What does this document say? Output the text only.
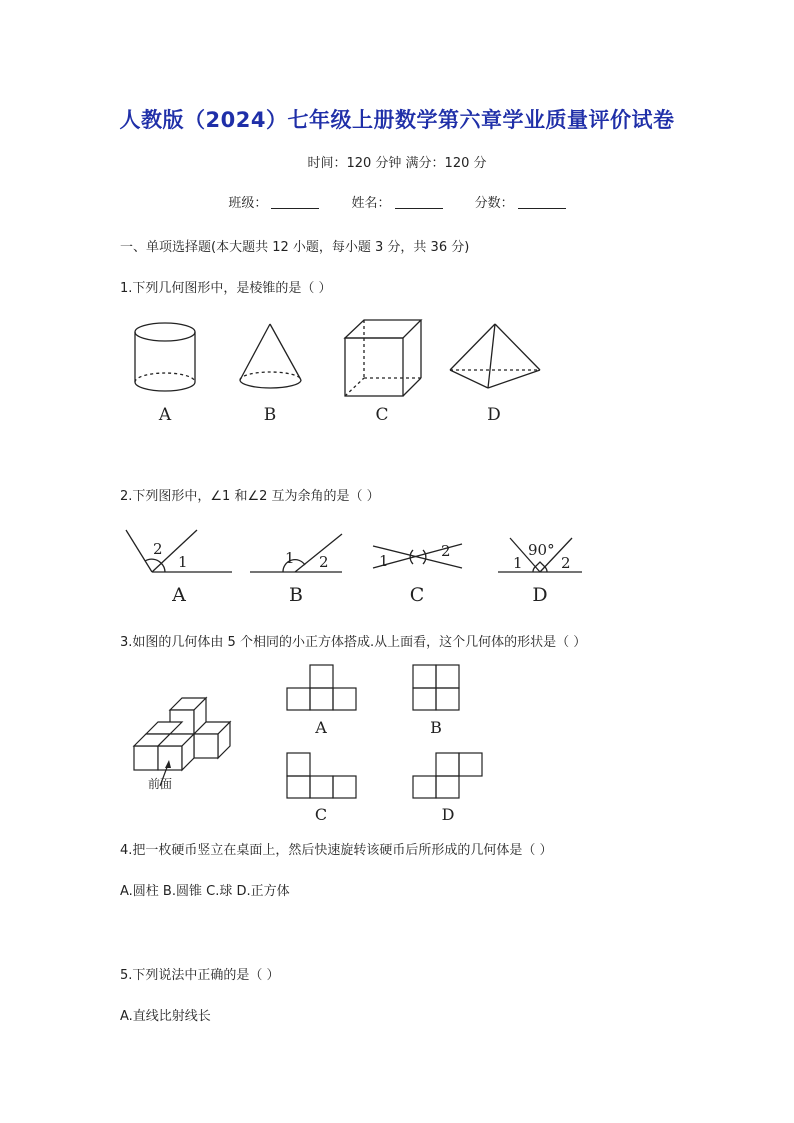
人教版（2024）七年级上册数学第六章学业质量评价试卷
时间：120 分钟 满分：120 分
班级：	姓名：	分数：
一、单项选择题(本大题共 12 小题，每小题 3 分，共 36 分)
1.下列几何图形中，是棱锥的是（ ）
A	B	C	D
2.下列图形中，∠1 和∠2 互为余角的是（ ）
2
1	1 2	1
2
1
90°
2
A	B	C	D
3.如图的几何体由 5 个相同的小正方体搭成.从上面看，这个几何体的形状是（ ）
前面
A	B
C	D
4.把一枚硬币竖立在桌面上，然后快速旋转该硬币后所形成的几何体是（ ）
A.圆柱 B.圆锥 C.球 D.正方体
5.下列说法中正确的是（ ）
A.直线比射线长
